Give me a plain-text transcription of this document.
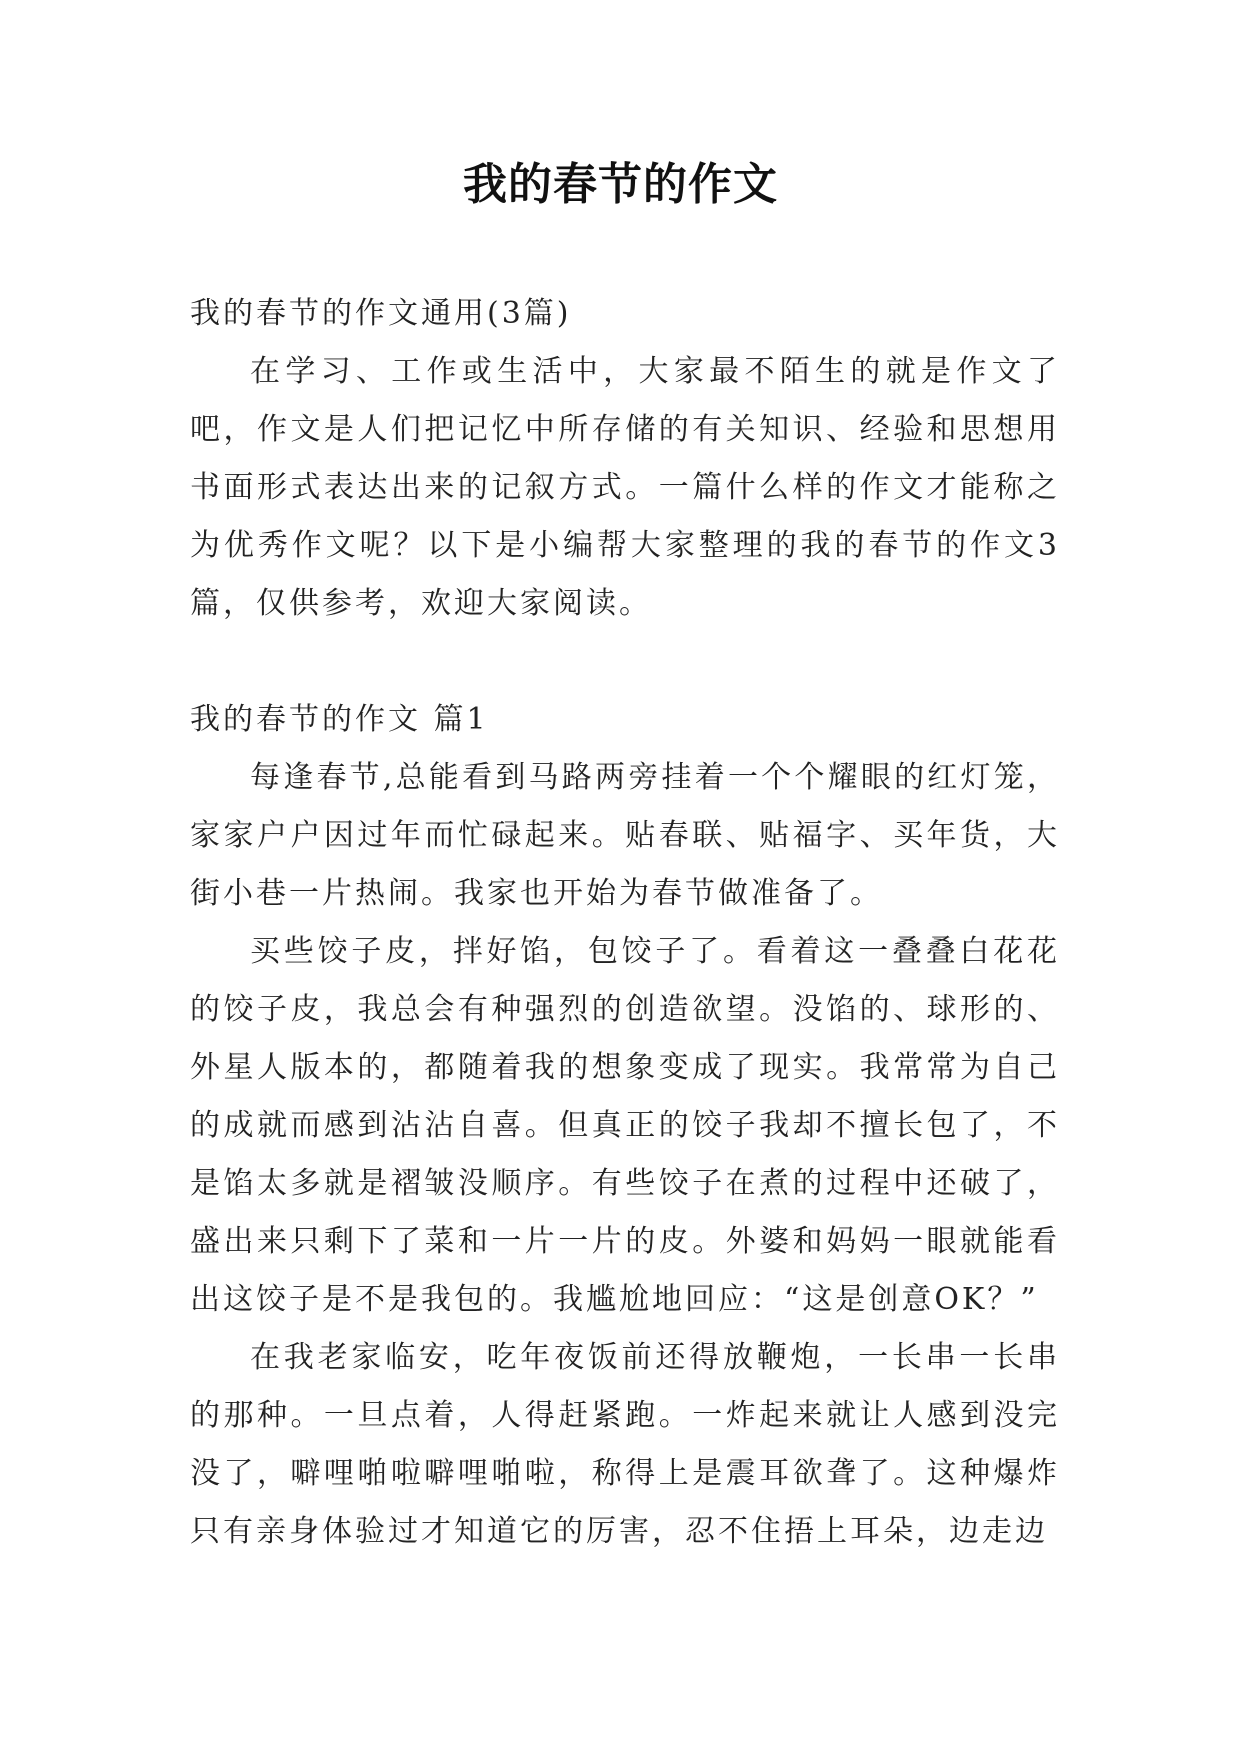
我的春节的作文

我的春节的作文通用(3篇)

在学习、工作或生活中，大家最不陌生的就是作文了吧，作文是人们把记忆中所存储的有关知识、经验和思想用书面形式表达出来的记叙方式。一篇什么样的作文才能称之为优秀作文呢？以下是小编帮大家整理的我的春节的作文3篇，仅供参考，欢迎大家阅读。

我的春节的作文 篇1

每逢春节,总能看到马路两旁挂着一个个耀眼的红灯笼，家家户户因过年而忙碌起来。贴春联、贴福字、买年货，大街小巷一片热闹。我家也开始为春节做准备了。

买些饺子皮，拌好馅，包饺子了。看着这一叠叠白花花的饺子皮，我总会有种强烈的创造欲望。没馅的、球形的、外星人版本的，都随着我的想象变成了现实。我常常为自己的成就而感到沾沾自喜。但真正的饺子我却不擅长包了，不是馅太多就是褶皱没顺序。有些饺子在煮的过程中还破了，盛出来只剩下了菜和一片一片的皮。外婆和妈妈一眼就能看出这饺子是不是我包的。我尴尬地回应：“这是创意OK？”

在我老家临安，吃年夜饭前还得放鞭炮，一长串一长串的那种。一旦点着，人得赶紧跑。一炸起来就让人感到没完没了，噼哩啪啦噼哩啪啦，称得上是震耳欲聋了。这种爆炸只有亲身体验过才知道它的厉害，忍不住捂上耳朵，边走边
